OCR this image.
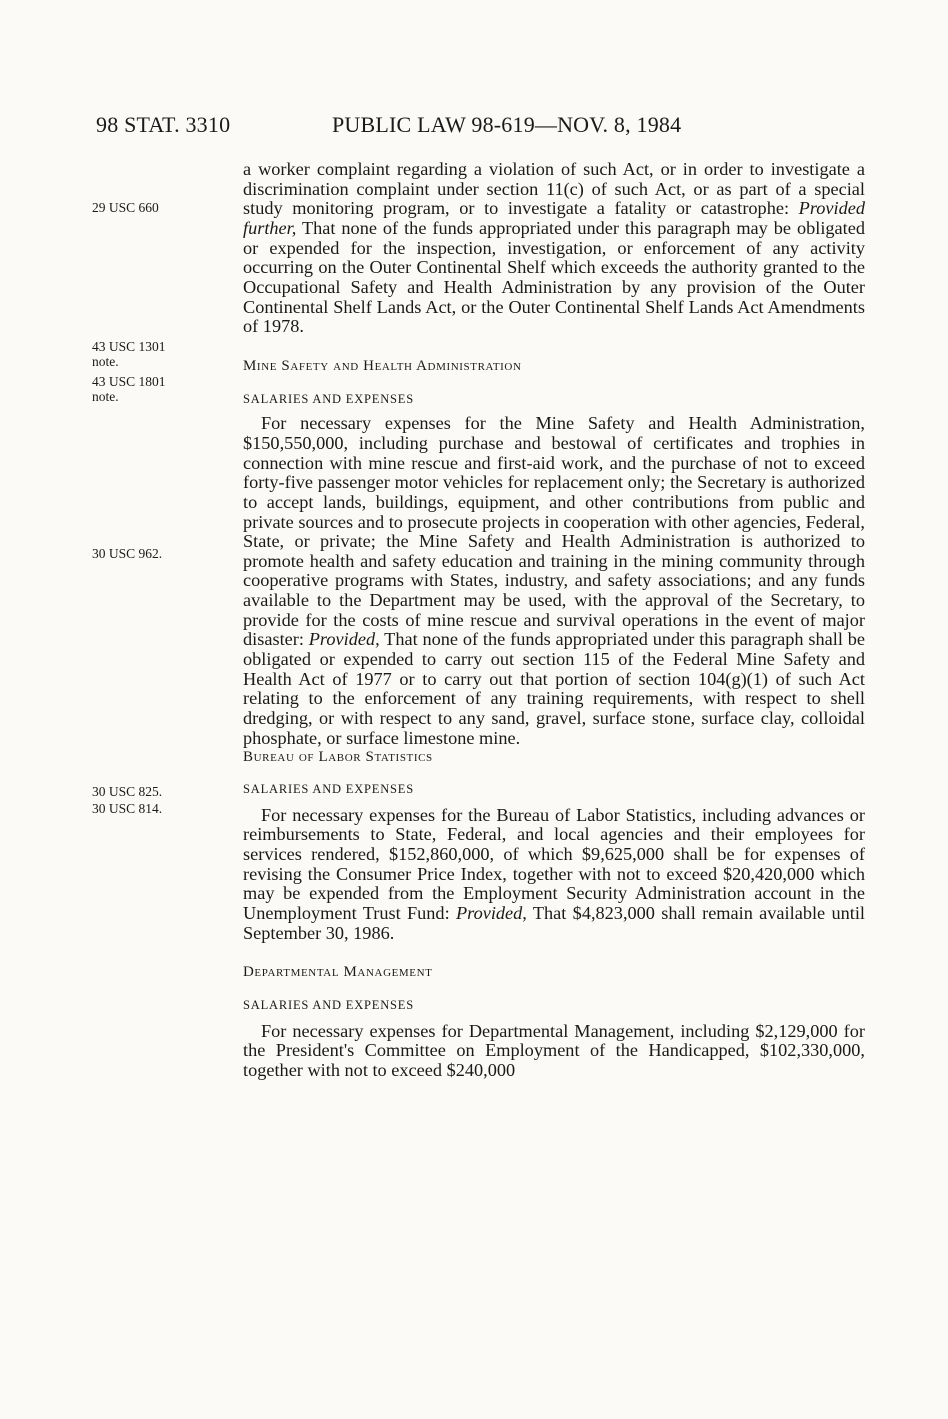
98 STAT. 3310	PUBLIC LAW 98-619—NOV. 8, 1984
29 USC 660
43 USC 1301
note.
43 USC 1801
note.
30 USC 962.
30 USC 825.
30 USC 814.

a worker complaint regarding a violation of such Act, or in order to investigate a discrimination complaint under section 11(c) of such Act, or as part of a special study monitoring program, or to investigate a fatality or catastrophe: Provided further, That none of the funds appropriated under this paragraph may be obligated or expended for the inspection, investigation, or enforcement of any activity occurring on the Outer Continental Shelf which exceeds the authority granted to the Occupational Safety and Health Administration by any provision of the Outer Continental Shelf Lands Act, or the Outer Continental Shelf Lands Act Amendments of 1978.

Mine Safety and Health Administration

SALARIES AND EXPENSES

For necessary expenses for the Mine Safety and Health Administration, $150,550,000, including purchase and bestowal of certificates and trophies in connection with mine rescue and first-aid work, and the purchase of not to exceed forty-five passenger motor vehicles for replacement only; the Secretary is authorized to accept lands, buildings, equipment, and other contributions from public and private sources and to prosecute projects in cooperation with other agencies, Federal, State, or private; the Mine Safety and Health Administration is authorized to promote health and safety education and training in the mining community through cooperative programs with States, industry, and safety associations; and any funds available to the Department may be used, with the approval of the Secretary, to provide for the costs of mine rescue and survival operations in the event of major disaster: Provided, That none of the funds appropriated under this paragraph shall be obligated or expended to carry out section 115 of the Federal Mine Safety and Health Act of 1977 or to carry out that portion of section 104(g)(1) of such Act relating to the enforcement of any training requirements, with respect to shell dredging, or with respect to any sand, gravel, surface stone, surface clay, colloidal phosphate, or surface limestone mine.

Bureau of Labor Statistics

SALARIES AND EXPENSES

For necessary expenses for the Bureau of Labor Statistics, including advances or reimbursements to State, Federal, and local agencies and their employees for services rendered, $152,860,000, of which $9,625,000 shall be for expenses of revising the Consumer Price Index, together with not to exceed $20,420,000 which may be expended from the Employment Security Administration account in the Unemployment Trust Fund: Provided, That $4,823,000 shall remain available until September 30, 1986.

Departmental Management

SALARIES AND EXPENSES

For necessary expenses for Departmental Management, including $2,129,000 for the President's Committee on Employment of the Handicapped, $102,330,000, together with not to exceed $240,000
